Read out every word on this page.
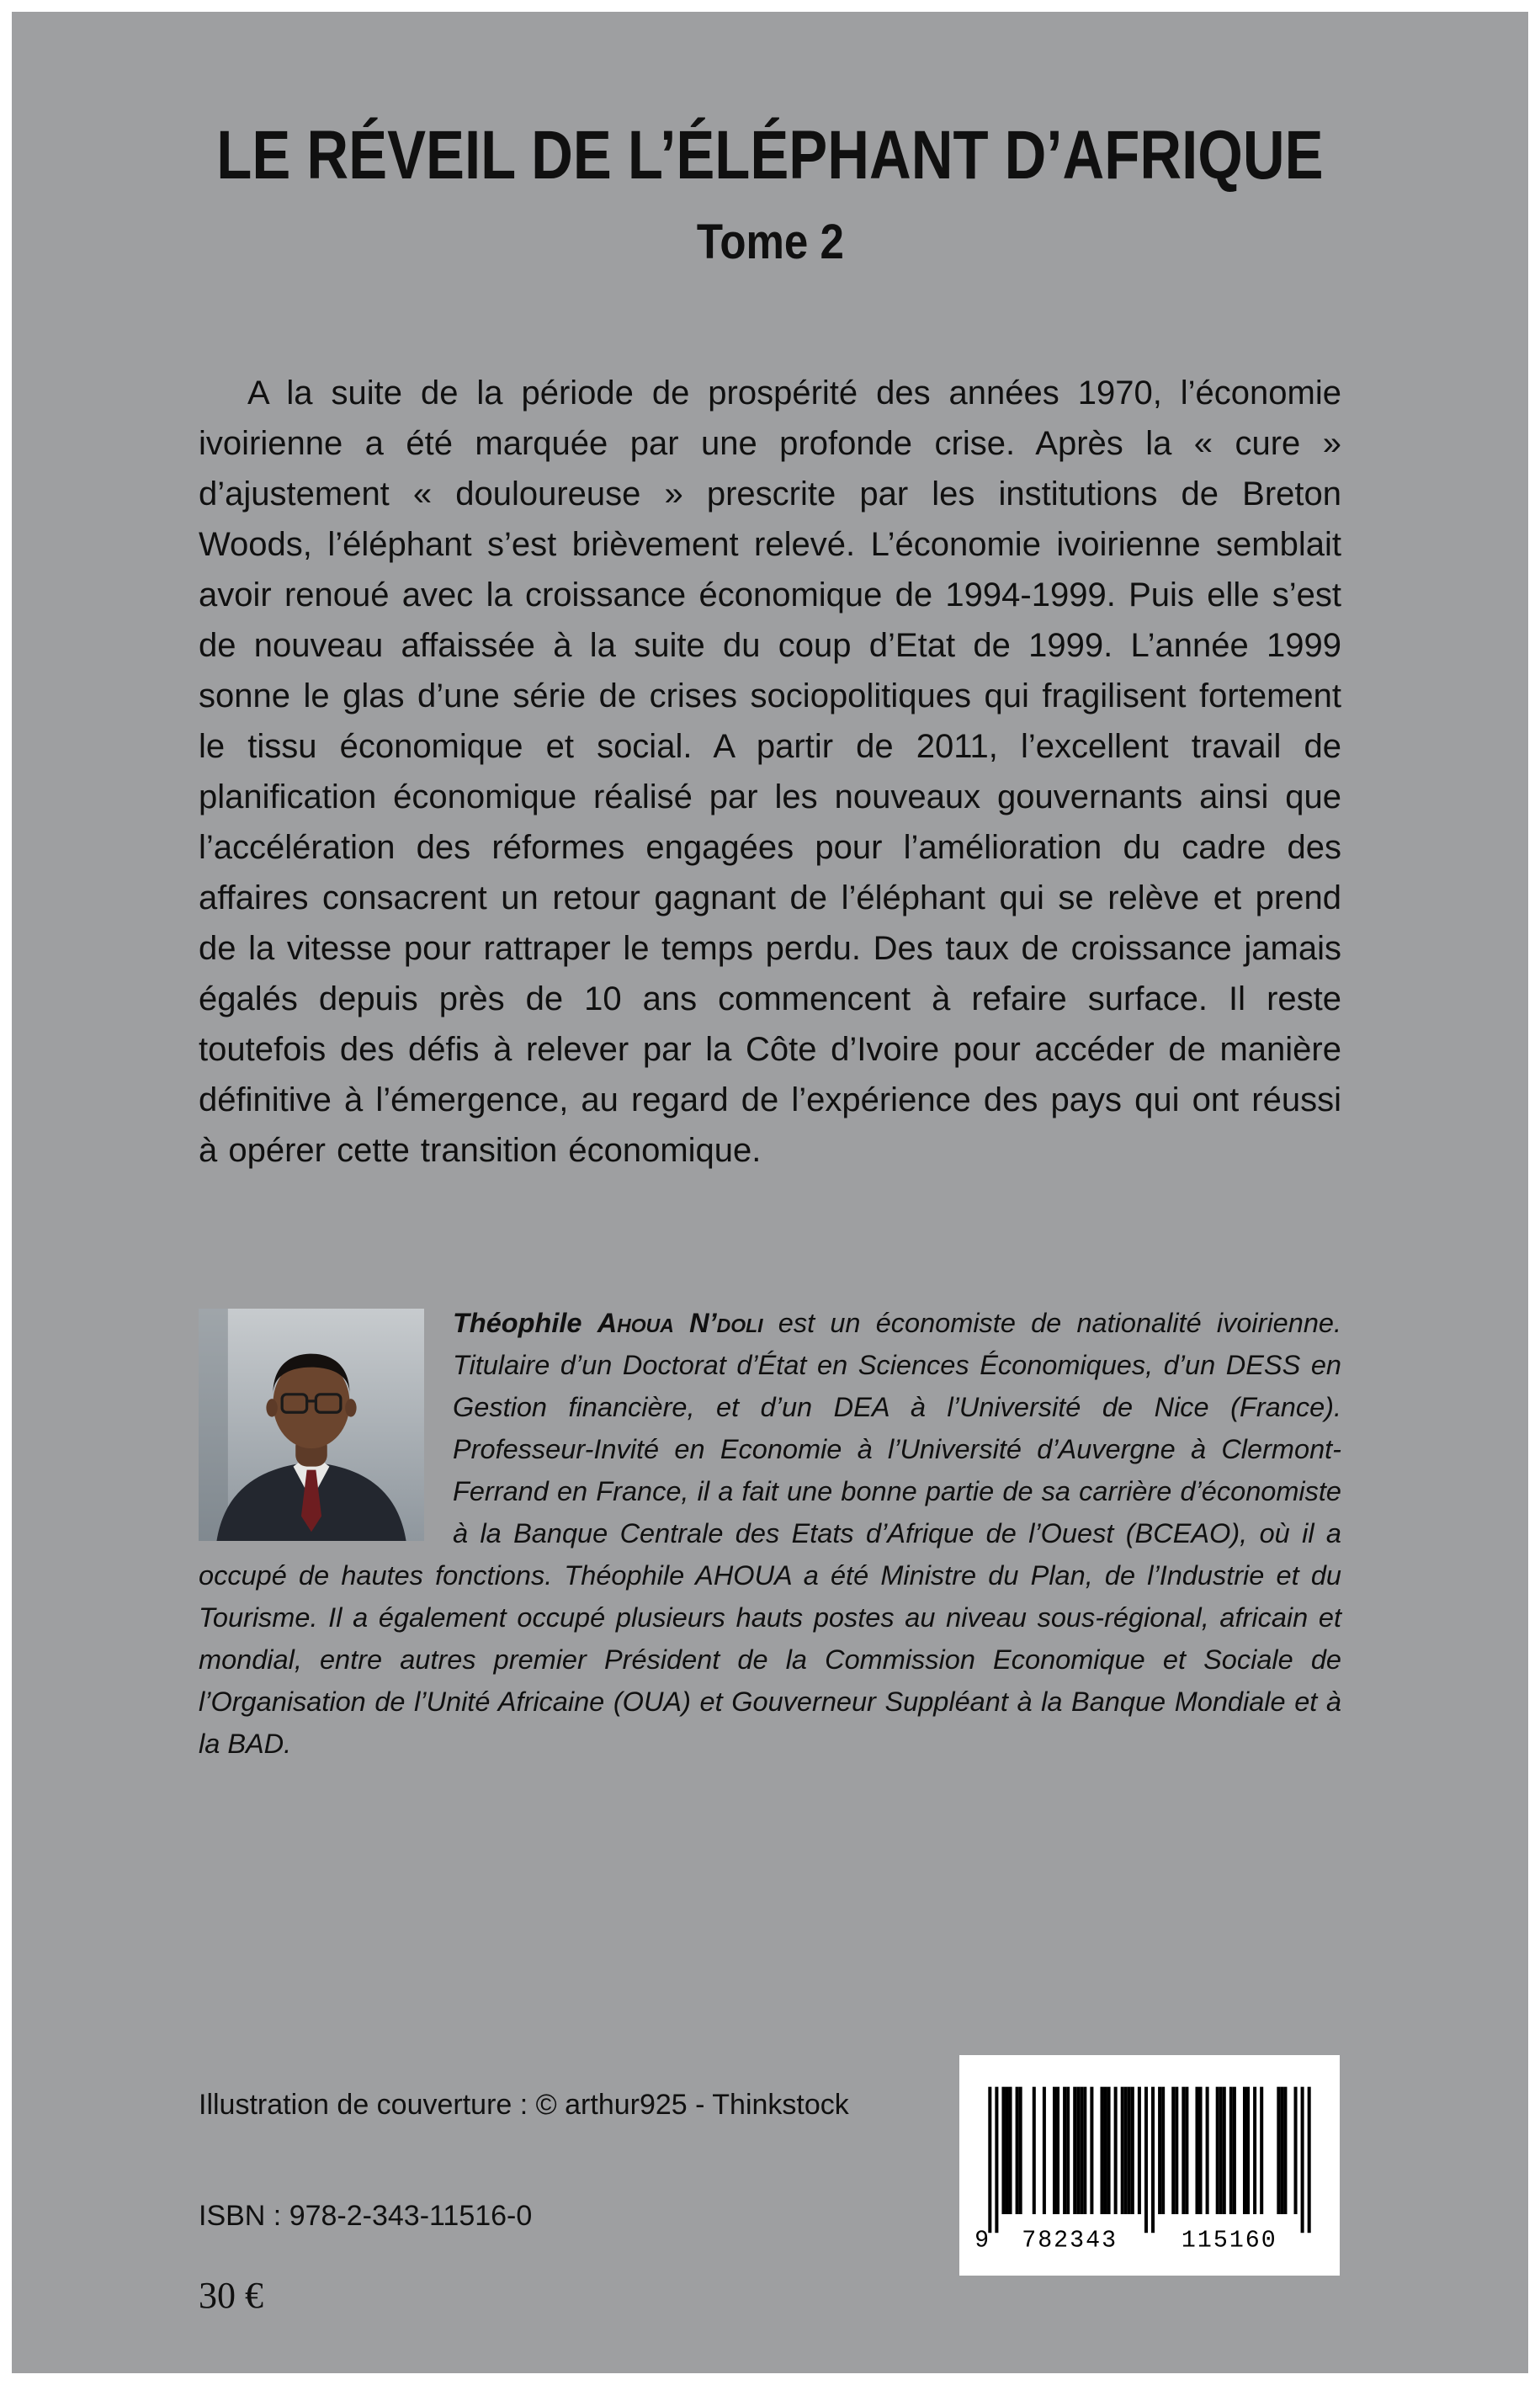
LE RÉVEIL DE L’ÉLÉPHANT D’AFRIQUE
Tome 2

A la suite de la période de prospérité des années 1970, l’économie ivoirienne a été marquée par une profonde crise. Après la « cure » d’ajustement « douloureuse » prescrite par les institutions de Breton Woods, l’éléphant s’est brièvement relevé. L’économie ivoirienne semblait avoir renoué avec la croissance économique de 1994-1999. Puis elle s’est de nouveau affaissée à la suite du coup d’Etat de 1999. L’année 1999 sonne le glas d’une série de crises sociopolitiques qui fragilisent fortement le tissu économique et social. A partir de 2011, l’excellent travail de planification économique réalisé par les nouveaux gouvernants ainsi que l’accélération des réformes engagées pour l’amélioration du cadre des affaires consacrent un retour gagnant de l’éléphant qui se relève et prend de la vitesse pour rattraper le temps perdu. Des taux de croissance jamais égalés depuis près de 10 ans commencent à refaire surface. Il reste toutefois des défis à relever par la Côte d’Ivoire pour accéder de manière définitive à l’émergence, au regard de l’expérience des pays qui ont réussi à opérer cette transition économique.

Théophile Ahoua N’doli est un économiste de nationalité ivoirienne. Titulaire d’un Doctorat d’État en Sciences Économiques, d’un DESS en Gestion financière, et d’un DEA à l’Université de Nice (France). Professeur-Invité en Economie à l’Université d’Auvergne à Clermont-Ferrand en France, il a fait une bonne partie de sa carrière d’économiste à la Banque Centrale des Etats d’Afrique de l’Ouest (BCEAO), où il a occupé de hautes fonctions. Théophile AHOUA a été Ministre du Plan, de l’Industrie et du Tourisme. Il a également occupé plusieurs hauts postes au niveau sous-régional, africain et mondial, entre autres premier Président de la Commission Economique et Sociale de l’Organisation de l’Unité Africaine (OUA) et Gouverneur Suppléant à la Banque Mondiale et à la BAD.

Illustration de couverture : © arthur925 - Thinkstock
ISBN : 978-2-343-11516-0
30 €
9 782343	115160
